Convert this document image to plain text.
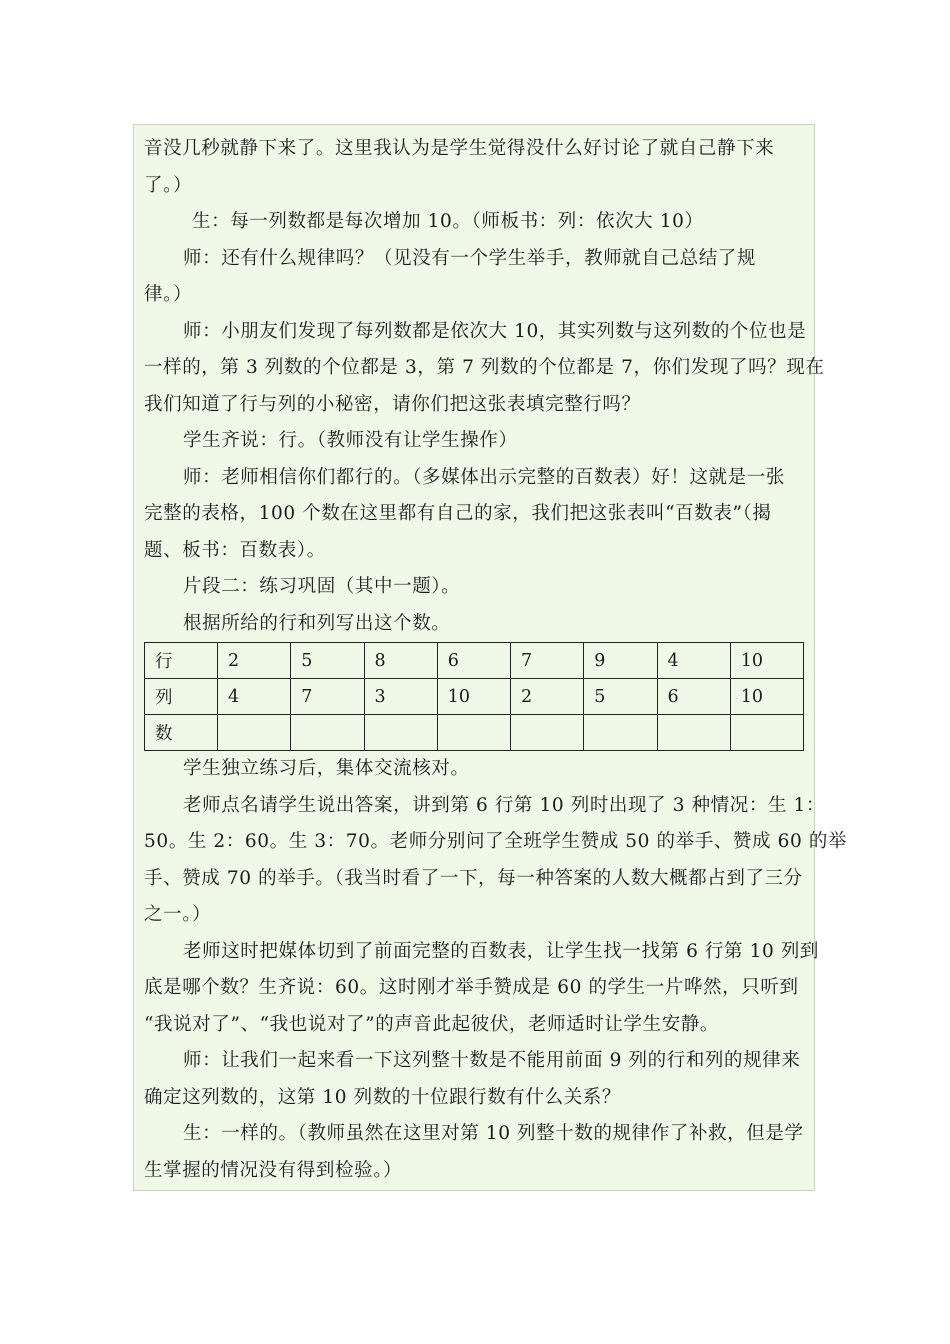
音没几秒就静下来了。这里我认为是学生觉得没什么好讨论了就自己静下来

了。）

生：每一列数都是每次增加 10。（师板书：列：依次大 10）

师：还有什么规律吗？（见没有一个学生举手，教师就自己总结了规

律。）

师：小朋友们发现了每列数都是依次大 10，其实列数与这列数的个位也是

一样的，第 3 列数的个位都是 3，第 7 列数的个位都是 7，你们发现了吗？现在

我们知道了行与列的小秘密，请你们把这张表填完整行吗？

学生齐说：行。（教师没有让学生操作）

师：老师相信你们都行的。（多媒体出示完整的百数表）好！这就是一张

完整的表格，100 个数在这里都有自己的家，我们把这张表叫“百数表”（揭

题、板书：百数表）。

片段二：练习巩固（其中一题）。

根据所给的行和列写出这个数。

行	2	5	8	6	7	9	4	10
列	4	7	3	10	2	5	6	10
数								

学生独立练习后，集体交流核对。

老师点名请学生说出答案，讲到第 6 行第 10 列时出现了 3 种情况：生 1：

50。生 2：60。生 3：70。老师分别问了全班学生赞成 50 的举手、赞成 60 的举

手、赞成 70 的举手。（我当时看了一下，每一种答案的人数大概都占到了三分

之一。）

老师这时把媒体切到了前面完整的百数表，让学生找一找第 6 行第 10 列到

底是哪个数？生齐说：60。这时刚才举手赞成是 60 的学生一片哗然，只听到

“我说对了”、“我也说对了”的声音此起彼伏，老师适时让学生安静。

师：让我们一起来看一下这列整十数是不能用前面 9 列的行和列的规律来

确定这列数的，这第 10 列数的十位跟行数有什么关系？

生：一样的。（教师虽然在这里对第 10 列整十数的规律作了补救，但是学

生掌握的情况没有得到检验。）
